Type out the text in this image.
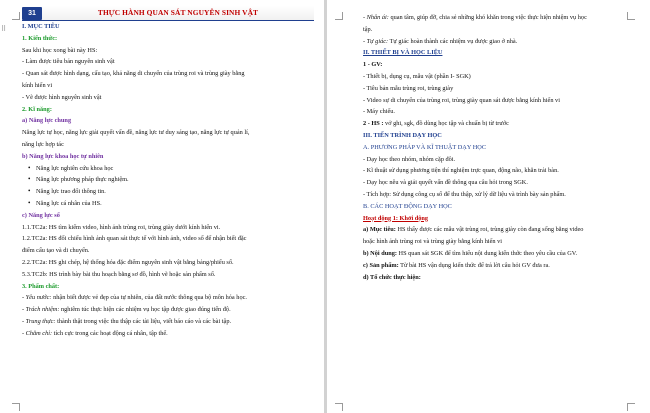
⠿
31	THỰC HÀNH QUAN SÁT NGUYÊN SINH VẬT
I. MỤC TIÊU
1. Kiến thức:
Sau khi học xong bài này HS:
- Làm được tiêu bản nguyên sinh vật
- Quan sát được hình dạng, cấu tạo, khả năng di chuyển của trùng roi và trùng giày bằng
kính hiển vi
- Vẽ được hình nguyên sinh vật
2. Kĩ năng:
a) Năng lực chung
Năng lực tự học, năng lực giải quyết vấn đề, năng lực tư duy sáng tạo, năng lực tự quản lí,
năng lực hợp tác
b) Năng lực khoa học tự nhiên
• Năng lực nghiên cứu khoa học
• Năng lực phương pháp thực nghiệm.
• Năng lực trao đổi thông tin.
• Năng lực cá nhân của HS.
c) Năng lực số
1.1.TC2a: HS tìm kiếm video, hình ảnh trùng roi, trùng giày dưới kính hiển vi.
1.2.TC2a: HS đối chiếu hình ảnh quan sát thực tế với hình ảnh, video số để nhận biết đặc
điểm cấu tạo và di chuyển.
2.2.TC2a: HS ghi chép, hệ thống hóa đặc điểm nguyên sinh vật bằng bảng/phiếu số.
5.3.TC2b: HS trình bày bài thu hoạch bằng sơ đồ, hình vẽ hoặc sản phẩm số.
3. Phẩm chất:
- Yêu nước: nhận biết được vẻ đẹp của tự nhiên, của đất nước thông qua bộ môn hóa học.
- Trách nhiệm: nghiêm túc thực hiện các nhiệm vụ học tập được giao đúng tiến độ.
- Trung thực: thành thật trong việc thu thập các tài liệu, viết báo cáo và các bài tập.
- Chăm chỉ: tích cực trong các hoạt động cá nhân, tập thể.
- Nhân ái: quan tâm, giúp đỡ, chia sẻ những khó khăn trong việc thực hiện nhiệm vụ học
tập.
- Tự giác: Tự giác hoàn thành các nhiệm vụ được giao ở nhà.
II. THIẾT BỊ VÀ HỌC LIỆU
1 - GV:
- Thiết bị, dụng cụ, mẫu vật (phần I- SGK)
- Tiêu bản mẫu trùng roi, trùng giày
- Video sự di chuyển của trùng roi, trùng giày quan sát được bằng kính hiển vi
- Máy chiếu.
2 - HS : vở ghi, sgk, đồ dùng học tập và chuẩn bị từ trước
III. TIẾN TRÌNH DẠY HỌC
A. PHƯƠNG PHÁP VÀ KĨ THUẬT DẠY HỌC
- Dạy học theo nhóm, nhóm cặp đôi.
- Kĩ thuật sử dụng phương tiện thí nghiệm trực quan, động não, khăn trải bàn.
- Dạy học nêu và giải quyết vấn đề thông qua câu hỏi trong SGK.
- Tích hợp: Sử dụng công cụ số để thu thập, xử lý dữ liệu và trình bày sản phẩm.
B. CÁC HOẠT ĐỘNG DẠY HỌC
Hoạt động 1: Khởi động
a) Mục tiêu: HS thấy được các mẫu vật trùng roi, trùng giày còn đang sống bằng video
hoặc hình ảnh trùng roi và trùng giày bằng kính hiển vi
b) Nội dung: HS quan sát SGK để tìm hiểu nội dung kiến thức theo yêu cầu của GV.
c) Sản phẩm: Từ bài HS vận dụng kiến thức để trả lời câu hỏi GV đưa ra.
d) Tổ chức thực hiện:
